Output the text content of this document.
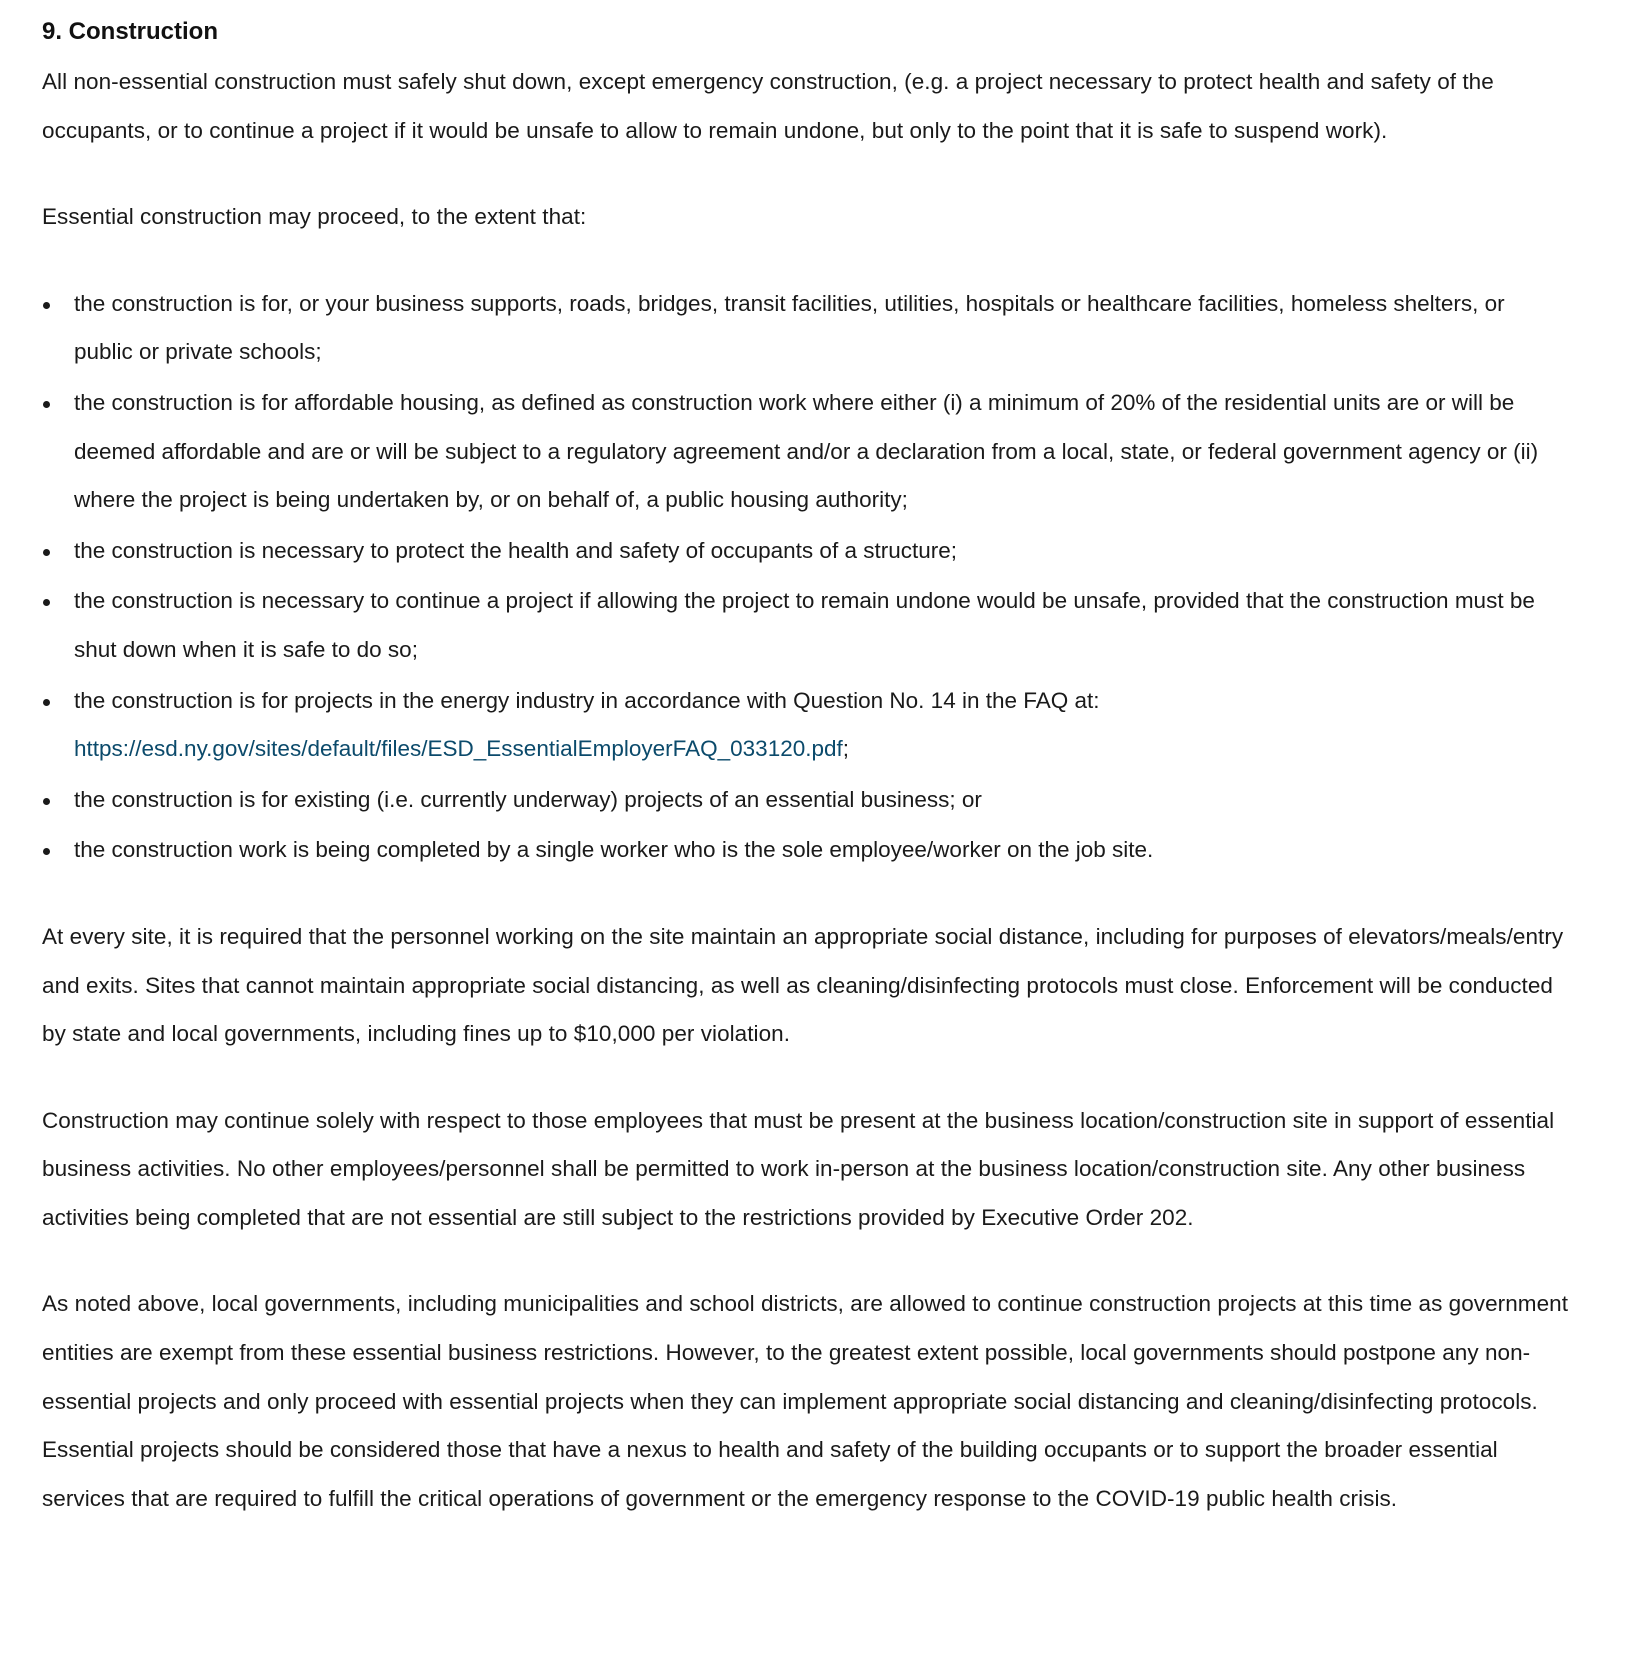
9. Construction

All non-essential construction must safely shut down, except emergency construction, (e.g. a project necessary to protect health and safety of the occupants, or to continue a project if it would be unsafe to allow to remain undone, but only to the point that it is safe to suspend work).

Essential construction may proceed, to the extent that:

the construction is for, or your business supports, roads, bridges, transit facilities, utilities, hospitals or healthcare facilities, homeless shelters, or public or private schools;
the construction is for affordable housing, as defined as construction work where either (i) a minimum of 20% of the residential units are or will be deemed affordable and are or will be subject to a regulatory agreement and/or a declaration from a local, state, or federal government agency or (ii) where the project is being undertaken by, or on behalf of, a public housing authority;
the construction is necessary to protect the health and safety of occupants of a structure;
the construction is necessary to continue a project if allowing the project to remain undone would be unsafe, provided that the construction must be shut down when it is safe to do so;
the construction is for projects in the energy industry in accordance with Question No. 14 in the FAQ at:
https://esd.ny.gov/sites/default/files/ESD_EssentialEmployerFAQ_033120.pdf;
the construction is for existing (i.e. currently underway) projects of an essential business; or
the construction work is being completed by a single worker who is the sole employee/worker on the job site.

At every site, it is required that the personnel working on the site maintain an appropriate social distance, including for purposes of elevators/meals/entry and exits. Sites that cannot maintain appropriate social distancing, as well as cleaning/disinfecting protocols must close. Enforcement will be conducted by state and local governments, including fines up to $10,000 per violation.

Construction may continue solely with respect to those employees that must be present at the business location/construction site in support of essential business activities. No other employees/personnel shall be permitted to work in-person at the business location/construction site. Any other business activities being completed that are not essential are still subject to the restrictions provided by Executive Order 202.

As noted above, local governments, including municipalities and school districts, are allowed to continue construction projects at this time as government entities are exempt from these essential business restrictions. However, to the greatest extent possible, local governments should postpone any non-essential projects and only proceed with essential projects when they can implement appropriate social distancing and cleaning/disinfecting protocols. Essential projects should be considered those that have a nexus to health and safety of the building occupants or to support the broader essential services that are required to fulfill the critical operations of government or the emergency response to the COVID-19 public health crisis.
